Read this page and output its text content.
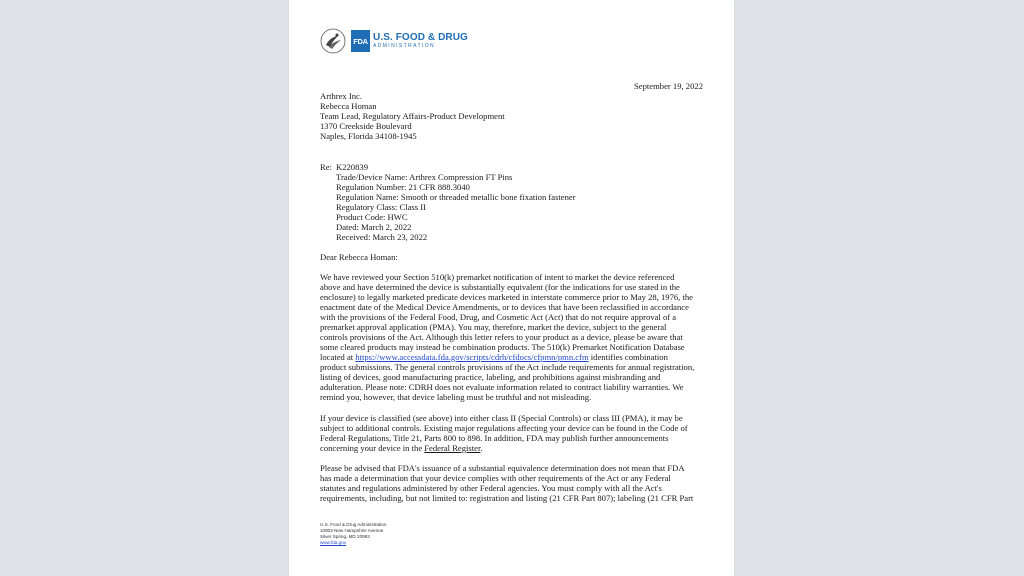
FDA U.S. FOOD & DRUG
ADMINISTRATION
September 19, 2022
Arthrex Inc.
Rebecca Homan
Team Lead, Regulatory Affairs-Product Development
1370 Creekside Boulevard
Naples, Florida 34108-1945
Re: K220839
Trade/Device Name: Arthrex Compression FT Pins
Regulation Number: 21 CFR 888.3040
Regulation Name: Smooth or threaded metallic bone fixation fastener
Regulatory Class: Class II
Product Code: HWC
Dated: March 2, 2022
Received: March 23, 2022
Dear Rebecca Homan:
We have reviewed your Section 510(k) premarket notification of intent to market the device referenced
above and have determined the device is substantially equivalent (for the indications for use stated in the
enclosure) to legally marketed predicate devices marketed in interstate commerce prior to May 28, 1976, the
enactment date of the Medical Device Amendments, or to devices that have been reclassified in accordance
with the provisions of the Federal Food, Drug, and Cosmetic Act (Act) that do not require approval of a
premarket approval application (PMA). You may, therefore, market the device, subject to the general
controls provisions of the Act. Although this letter refers to your product as a device, please be aware that
some cleared products may instead be combination products. The 510(k) Premarket Notification Database
located at https://www.accessdata.fda.gov/scripts/cdrh/cfdocs/cfpmn/pmn.cfm identifies combination
product submissions. The general controls provisions of the Act include requirements for annual registration,
listing of devices, good manufacturing practice, labeling, and prohibitions against misbranding and
adulteration. Please note: CDRH does not evaluate information related to contract liability warranties. We
remind you, however, that device labeling must be truthful and not misleading.
If your device is classified (see above) into either class II (Special Controls) or class III (PMA), it may be
subject to additional controls. Existing major regulations affecting your device can be found in the Code of
Federal Regulations, Title 21, Parts 800 to 898. In addition, FDA may publish further announcements
concerning your device in the Federal Register.
Please be advised that FDA's issuance of a substantial equivalence determination does not mean that FDA
has made a determination that your device complies with other requirements of the Act or any Federal
statutes and regulations administered by other Federal agencies. You must comply with all the Act's
requirements, including, but not limited to: registration and listing (21 CFR Part 807); labeling (21 CFR Part
U.S. Food & Drug Administration
10903 New Hampshire Avenue
Silver Spring, MD 20993
www.fda.gov
